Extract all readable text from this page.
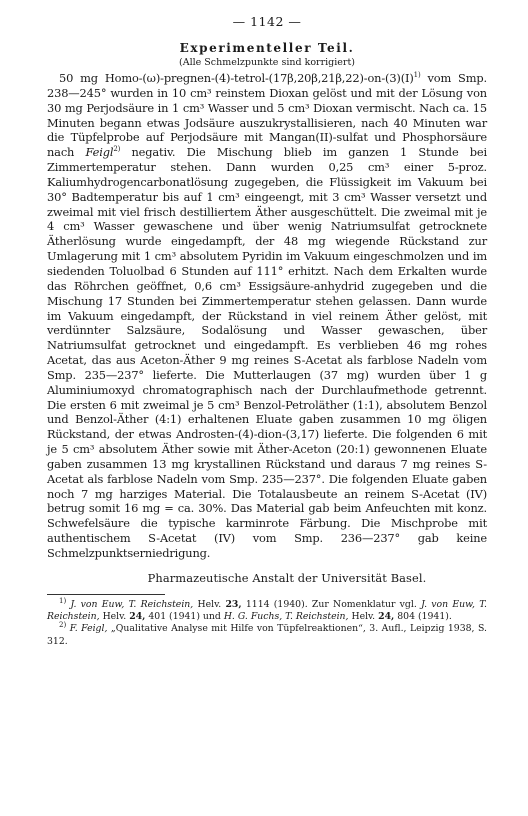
— 1142 —
Experimenteller Teil.
(Alle Schmelzpunkte sind korrigiert)

50 mg Homo-$(\omega)-pregnen-(4)-tetrol-(17\beta,20\beta,21\beta,22)-on-(3)(I)^{1)}$ vom Smp. 238—245° wurden in 10 cm³ reinstem Dioxan gelöst und mit der Lösung von 30 mg Perjodsäure in 1 cm³ Wasser und 5 cm³ Dioxan vermischt. Nach ca. 15 Minuten begann etwas Jodsäure auszukrystallisieren, nach 40 Minuten war die Tüpfelprobe auf Perjodsäure mit Mangan(II)-sulfat und Phosphorsäure nach Feigl$^{2)}$ negativ. Die Mischung blieb im ganzen 1 Stunde bei Zimmertemperatur stehen. Dann wurden 0,25 cm³ einer 5-proz. Kaliumhydrogencarbonatlösung zugegeben, die Flüssigkeit im Vakuum bei 30° Badtemperatur bis auf 1 cm³ eingeengt, mit 3 cm³ Wasser versetzt und zweimal mit viel frisch destilliertem Äther ausgeschüttelt. Die zweimal mit je 4 cm³ Wasser gewaschene und über wenig Natriumsulfat getrocknete Ätherlösung wurde eingedampft, der 48 mg wiegende Rückstand zur Umlagerung mit 1 cm³ absolutem Pyridin im Vakuum eingeschmolzen und im siedenden Toluolbad 6 Stunden auf 111° erhitzt. Nach dem Erkalten wurde das Röhrchen geöffnet, 0,6 cm³ Essigsäure-anhydrid zugegeben und die Mischung 17 Stunden bei Zimmertemperatur stehen gelassen. Dann wurde im Vakuum eingedampft, der Rückstand in viel reinem Äther gelöst, mit verdünnter Salzsäure, Sodalösung und Wasser gewaschen, über Natriumsulfat getrocknet und eingedampft. Es verblieben 46 mg rohes Acetat, das aus Aceton-Äther 9 mg reines S-Acetat als farblose Nadeln vom Smp. 235—237° lieferte. Die Mutterlaugen (37 mg) wurden über 1 g Aluminiumoxyd chromatographisch nach der Durchlaufmethode getrennt. Die ersten 6 mit zweimal je 5 cm³ Benzol-Petroläther (1:1), absolutem Benzol und Benzol-Äther (4:1) erhaltenen Eluate gaben zusammen 10 mg öligen Rückstand, der etwas Androsten-(4)-dion-(3,17) lieferte. Die folgenden 6 mit je 5 cm³ absolutem Äther sowie mit Äther-Aceton (20:1) gewonnenen Eluate gaben zusammen 13 mg krystallinen Rückstand und daraus 7 mg reines S-Acetat als farblose Nadeln vom Smp. 235—237°. Die folgenden Eluate gaben noch 7 mg harziges Material. Die Totalausbeute an reinem S-Acetat (IV) betrug somit 16 mg = ca. 30%. Das Material gab beim Anfeuchten mit konz. Schwefelsäure die typische karminrote Färbung. Die Mischprobe mit authentischem S-Acetat (IV) vom Smp. 236—237° gab keine Schmelzpunktserniedrigung.

Pharmazeutische Anstalt der Universität Basel.

$^{1)}$ J. von Euw, T. Reichstein, Helv. 23, 1114 (1940). Zur Nomenklatur vgl. J. von Euw, T. Reichstein, Helv. 24, 401 (1941) und H. G. Fuchs, T. Reichstein, Helv. 24, 804 (1941).

$^{2)}$ F. Feigl, „Qualitative Analyse mit Hilfe von Tüpfelreaktionen“, 3. Aufl., Leipzig 1938, S. 312.
